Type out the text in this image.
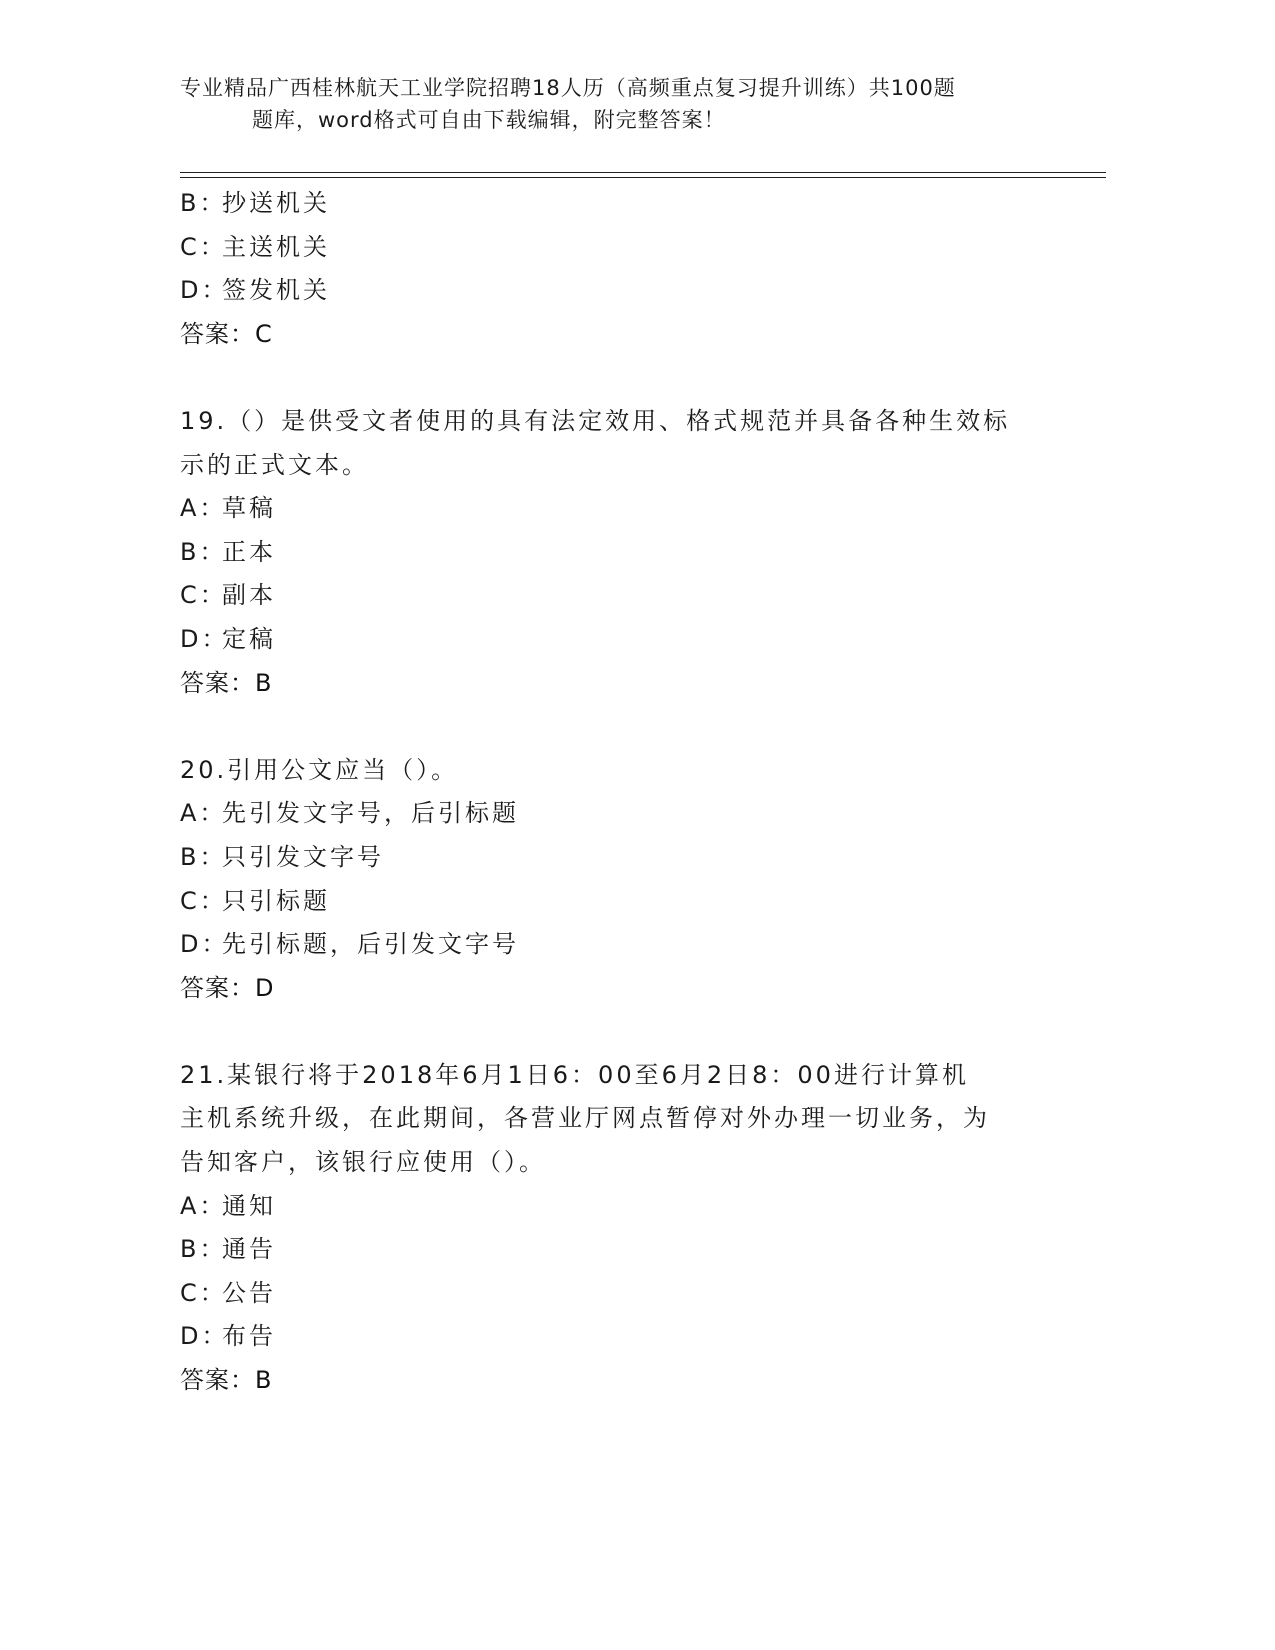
专业精品广西桂林航天工业学院招聘18人历（高频重点复习提升训练）共100题
题库，word格式可自由下载编辑，附完整答案！
B：抄送机关
C：主送机关
D：签发机关
答案：C
19.（）是供受文者使用的具有法定效用、格式规范并具备各种生效标
示的正式文本。
A：草稿
B：正本
C：副本
D：定稿
答案：B
20.引用公文应当（）。
A：先引发文字号，后引标题
B：只引发文字号
C：只引标题
D：先引标题，后引发文字号
答案：D
21.某银行将于2018年6月1日6：00至6月2日8：00进行计算机
主机系统升级，在此期间，各营业厅网点暂停对外办理一切业务，为
告知客户，该银行应使用（）。
A：通知
B：通告
C：公告
D：布告
答案：B
